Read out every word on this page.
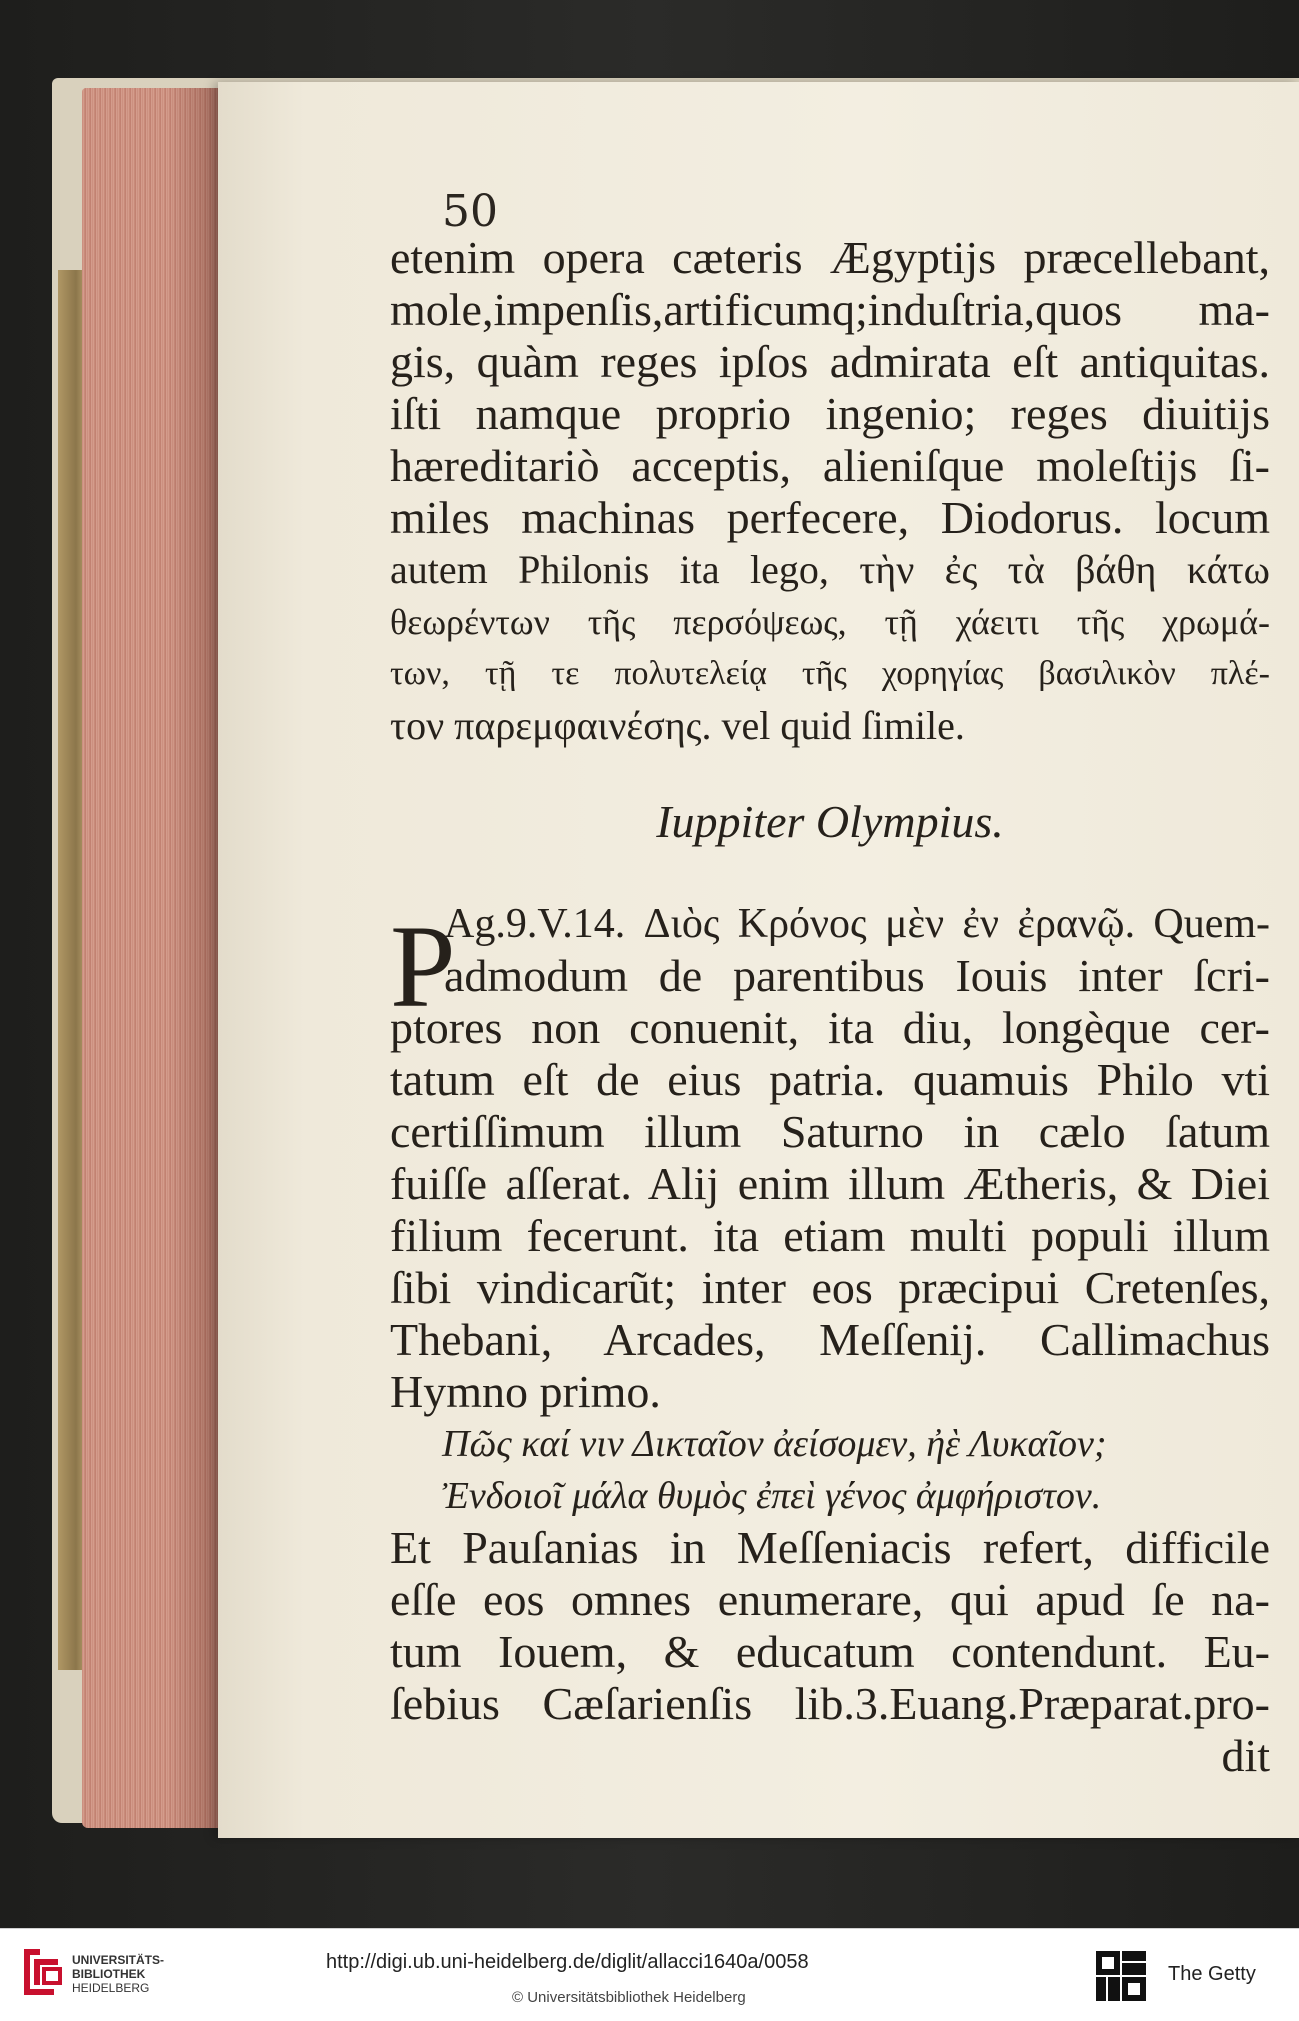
50
etenim opera cæteris Ægyptijs præcellebant,
mole,impenſis,artificumq;induſtria,quos ma-
gis, quàm reges ipſos admirata eſt antiquitas.
iſti namque proprio ingenio; reges diuitijs
hæreditariò acceptis, alieniſque moleſtijs ſi-
miles machinas perfecere, Diodorus. locum
autem Philonis ita lego, τὴν ἐς τὰ βάθη κάτω
θεωρέντων τῆς περσόψεως, τῇ χάειτι τῆς χρωμά-
των, τῇ τε πολυτελείᾳ τῆς χορηγίας βασιλικὸν πλέ-
τον παρεμφαινέσης. vel quid ſimile.
Iuppiter Olympius.
Ag.9.V.14. Διὸς Κρόνος μὲν ἐν ἐρανῷ. Quem-
admodum de parentibus Iouis inter ſcri-
ptores non conuenit, ita diu, longèque cer-
tatum eſt de eius patria. quamuis Philo vti
certiſſimum illum Saturno in cælo ſatum
fuiſſe aſſerat. Alij enim illum Ætheris, & Diei
filium fecerunt. ita etiam multi populi illum
ſibi vindicarũt; inter eos præcipui Cretenſes,
Thebani, Arcades, Meſſenij. Callimachus
Hymno primo.
Πῶς καί νιν Δικταῖον ἀείσομεν, ἠὲ Λυκαῖον;
Ἐνδοιοῖ μάλα θυμὸς ἐπεὶ γένος ἀμφήριστον.
Et Pauſanias in Meſſeniacis refert, difficile
eſſe eos omnes enumerare, qui apud ſe na-
tum Iouem, & educatum contendunt. Eu-
ſebius Cæſarienſis lib.3.Euang.Præparat.pro-
dit
P
UNIVERSITÄTS-
BIBLIOTHEK
HEIDELBERG
http://digi.ub.uni-heidelberg.de/diglit/allacci1640a/0058
© Universitätsbibliothek Heidelberg
The Getty
